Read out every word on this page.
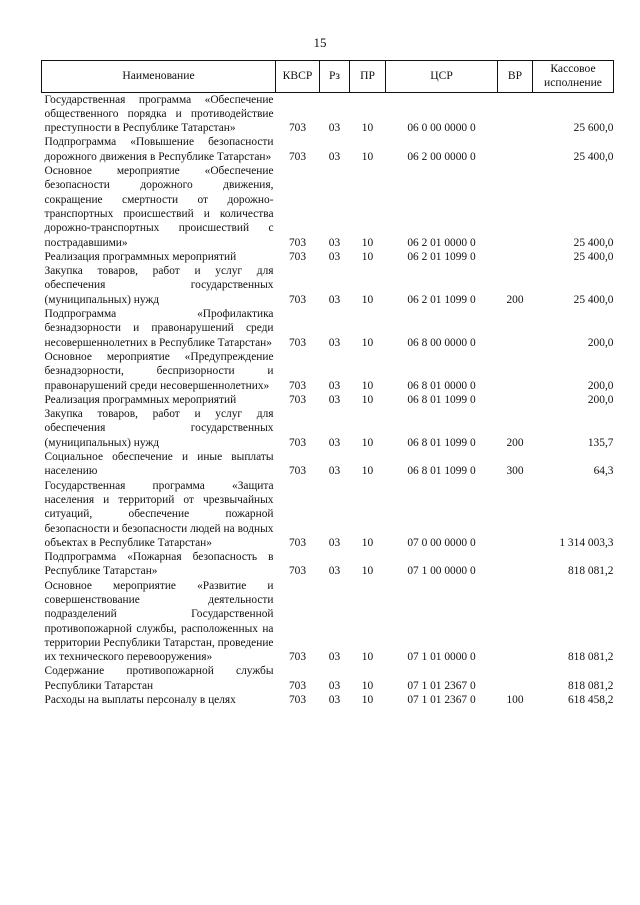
15
Наименование	КВСР	Рз	ПР	ЦСР	ВР	Кассовое исполнение
Государственная программа «Обеспечение общественного порядка и противодействие преступности в Республике Татарстан»	703	03	10	06 0 00 0000 0		25 600,0
Подпрограмма «Повышение безопасности дорожного движения в Республике Татарстан»	703	03	10	06 2 00 0000 0		25 400,0
Основное мероприятие «Обеспечение безопасности дорожного движения, сокращение смертности от дорожно-транспортных происшествий и количества дорожно-транспортных происшествий с пострадавшими»	703	03	10	06 2 01 0000 0		25 400,0
Реализация программных мероприятий	703	03	10	06 2 01 1099 0		25 400,0
Закупка товаров, работ и услуг для обеспечения государственных (муниципальных) нужд	703	03	10	06 2 01 1099 0	200	25 400,0
Подпрограмма «Профилактика безнадзорности и правонарушений среди несовершеннолетних в Республике Татарстан»	703	03	10	06 8 00 0000 0		200,0
Основное мероприятие «Предупреждение безнадзорности, беспризорности и правонарушений среди несовершеннолетних»	703	03	10	06 8 01 0000 0		200,0
Реализация программных мероприятий	703	03	10	06 8 01 1099 0		200,0
Закупка товаров, работ и услуг для обеспечения государственных (муниципальных) нужд	703	03	10	06 8 01 1099 0	200	135,7
Социальное обеспечение и иные выплаты населению	703	03	10	06 8 01 1099 0	300	64,3
Государственная программа «Защита населения и территорий от чрезвычайных ситуаций, обеспечение пожарной безопасности и безопасности людей на водных объектах в Республике Татарстан»	703	03	10	07 0 00 0000 0		1 314 003,3
Подпрограмма «Пожарная безопасность в Республике Татарстан»	703	03	10	07 1 00 0000 0		818 081,2
Основное мероприятие «Развитие и совершенствование деятельности подразделений Государственной противопожарной службы, расположенных на территории Республики Татарстан, проведение их технического перевооружения»	703	03	10	07 1 01 0000 0		818 081,2
Содержание противопожарной службы Республики Татарстан	703	03	10	07 1 01 2367 0		818 081,2
Расходы на выплаты персоналу в целях	703	03	10	07 1 01 2367 0	100	618 458,2
